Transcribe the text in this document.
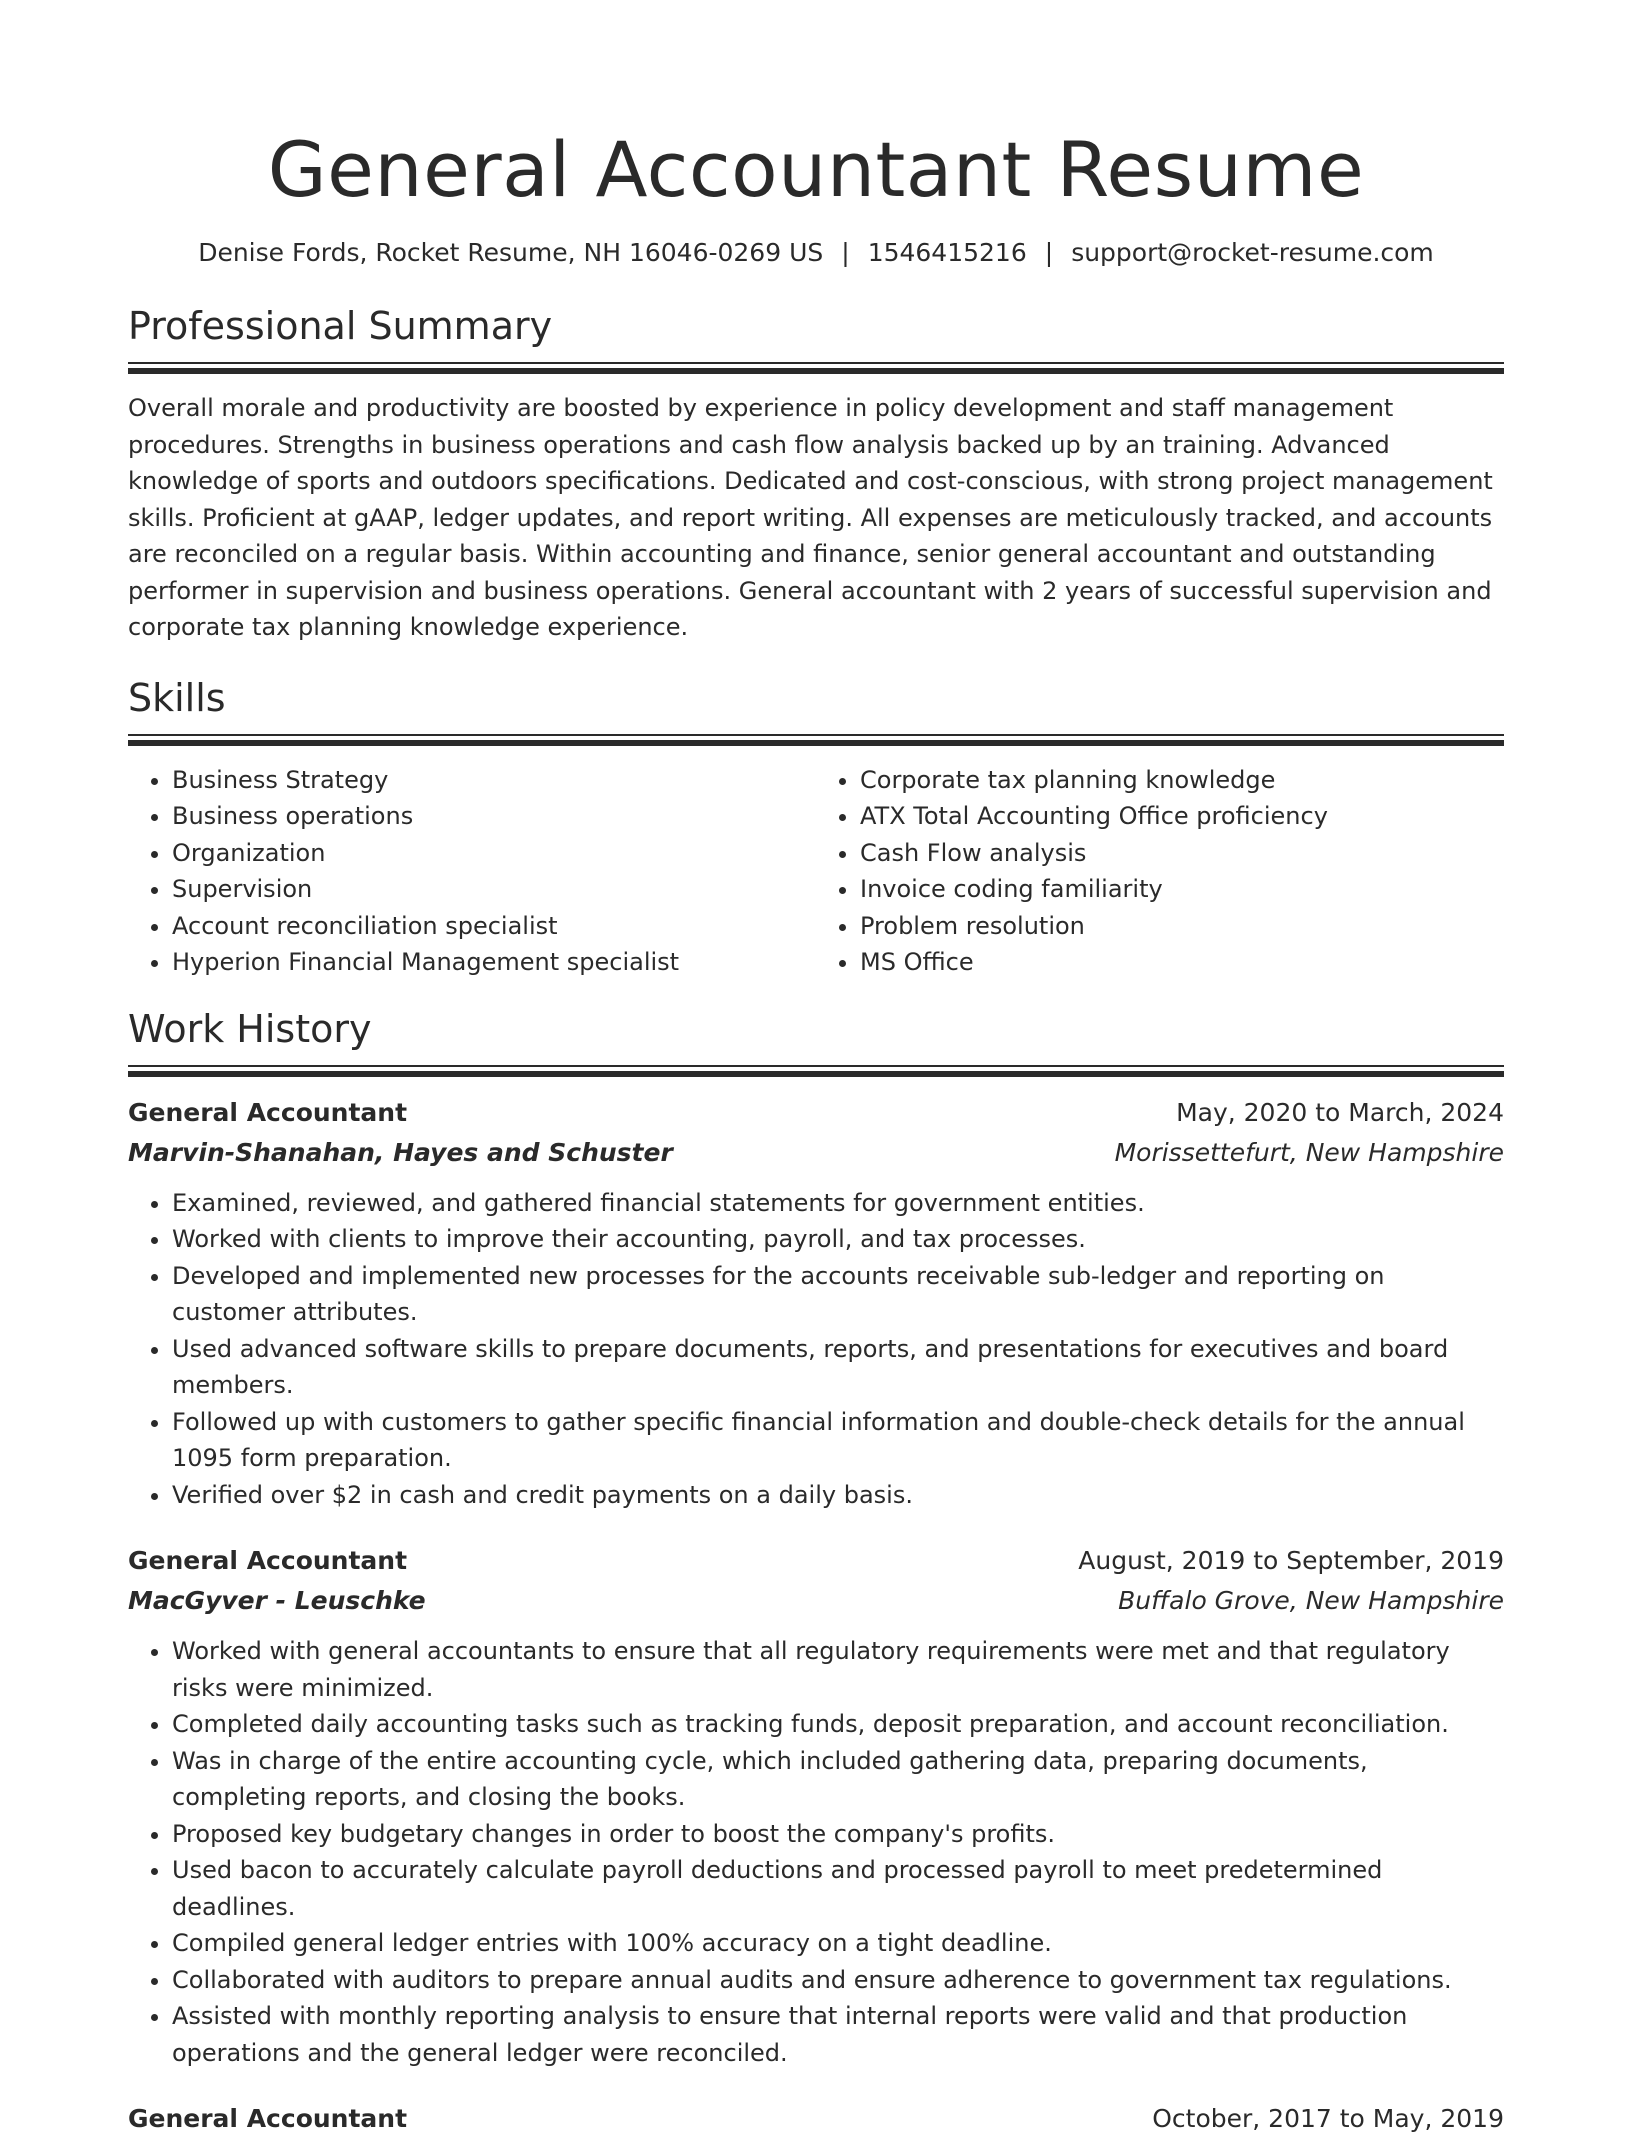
General Accountant Resume
Denise Fords, Rocket Resume, NH 16046-0269 US | 1546415216 | support@rocket-resume.com
Professional Summary

Overall morale and productivity are boosted by experience in policy development and staff management procedures. Strengths in business operations and cash flow analysis backed up by an training. Advanced knowledge of sports and outdoors specifications. Dedicated and cost-conscious, with strong project management skills. Proficient at gAAP, ledger updates, and report writing. All expenses are meticulously tracked, and accounts are reconciled on a regular basis. Within accounting and finance, senior general accountant and outstanding performer in supervision and business operations. General accountant with 2 years of successful supervision and corporate tax planning knowledge experience.

Skills
• Business Strategy
• Business operations
• Organization
• Supervision
• Account reconciliation specialist
• Hyperion Financial Management specialist
• Corporate tax planning knowledge
• ATX Total Accounting Office proficiency
• Cash Flow analysis
• Invoice coding familiarity
• Problem resolution
• MS Office
Work History
General Accountant	May, 2020 to March, 2024
Marvin-Shanahan, Hayes and Schuster	Morissettefurt, New Hampshire
• Examined, reviewed, and gathered financial statements for government entities.
• Worked with clients to improve their accounting, payroll, and tax processes.
• Developed and implemented new processes for the accounts receivable sub-ledger and reporting on customer attributes.
• Used advanced software skills to prepare documents, reports, and presentations for executives and board members.
• Followed up with customers to gather specific financial information and double-check details for the annual 1095 form preparation.
• Verified over $2 in cash and credit payments on a daily basis.
General Accountant	August, 2019 to September, 2019
MacGyver - Leuschke	Buffalo Grove, New Hampshire
• Worked with general accountants to ensure that all regulatory requirements were met and that regulatory risks were minimized.
• Completed daily accounting tasks such as tracking funds, deposit preparation, and account reconciliation.
• Was in charge of the entire accounting cycle, which included gathering data, preparing documents, completing reports, and closing the books.
• Proposed key budgetary changes in order to boost the company's profits.
• Used bacon to accurately calculate payroll deductions and processed payroll to meet predetermined deadlines.
• Compiled general ledger entries with 100% accuracy on a tight deadline.
• Collaborated with auditors to prepare annual audits and ensure adherence to government tax regulations.
• Assisted with monthly reporting analysis to ensure that internal reports were valid and that production operations and the general ledger were reconciled.
General Accountant	October, 2017 to May, 2019
